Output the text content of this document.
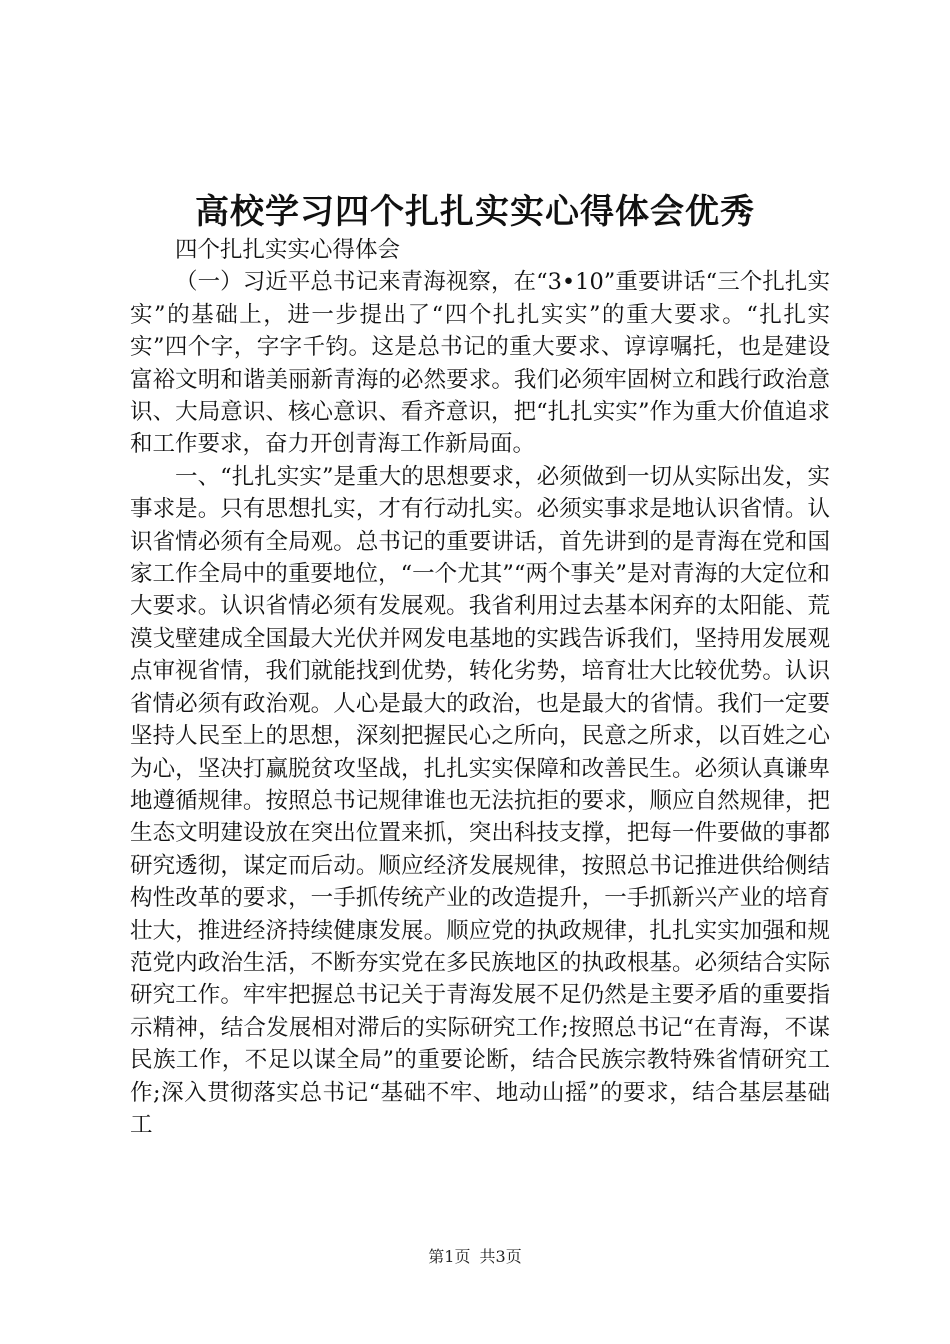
高校学习四个扎扎实实心得体会优秀

四个扎扎实实心得体会

（一）习近平总书记来青海视察，在“3•10”重要讲话“三个扎扎实实”的基础上，进一步提出了“四个扎扎实实”的重大要求。“扎扎实实”四个字，字字千钧。这是总书记的重大要求、谆谆嘱托，也是建设富裕文明和谐美丽新青海的必然要求。我们必须牢固树立和践行政治意识、大局意识、核心意识、看齐意识，把“扎扎实实”作为重大价值追求和工作要求，奋力开创青海工作新局面。

一、“扎扎实实”是重大的思想要求，必须做到一切从实际出发，实事求是。只有思想扎实，才有行动扎实。必须实事求是地认识省情。认识省情必须有全局观。总书记的重要讲话，首先讲到的是青海在党和国家工作全局中的重要地位，“一个尤其”“两个事关”是对青海的大定位和大要求。认识省情必须有发展观。我省利用过去基本闲弃的太阳能、荒漠戈壁建成全国最大光伏并网发电基地的实践告诉我们，坚持用发展观点审视省情，我们就能找到优势，转化劣势，培育壮大比较优势。认识省情必须有政治观。人心是最大的政治，也是最大的省情。我们一定要坚持人民至上的思想，深刻把握民心之所向，民意之所求，以百姓之心为心，坚决打赢脱贫攻坚战，扎扎实实保障和改善民生。必须认真谦卑地遵循规律。按照总书记规律谁也无法抗拒的要求，顺应自然规律，把生态文明建设放在突出位置来抓，突出科技支撑，把每一件要做的事都研究透彻，谋定而后动。顺应经济发展规律，按照总书记推进供给侧结构性改革的要求，一手抓传统产业的改造提升，一手抓新兴产业的培育壮大，推进经济持续健康发展。顺应党的执政规律，扎扎实实加强和规范党内政治生活，不断夯实党在多民族地区的执政根基。必须结合实际研究工作。牢牢把握总书记关于青海发展不足仍然是主要矛盾的重要指示精神，结合发展相对滞后的实际研究工作;按照总书记“在青海，不谋民族工作，不足以谋全局”的重要论断，结合民族宗教特殊省情研究工作;深入贯彻落实总书记“基础不牢、地动山摇”的要求，结合基层基础工

第1页 共3页
